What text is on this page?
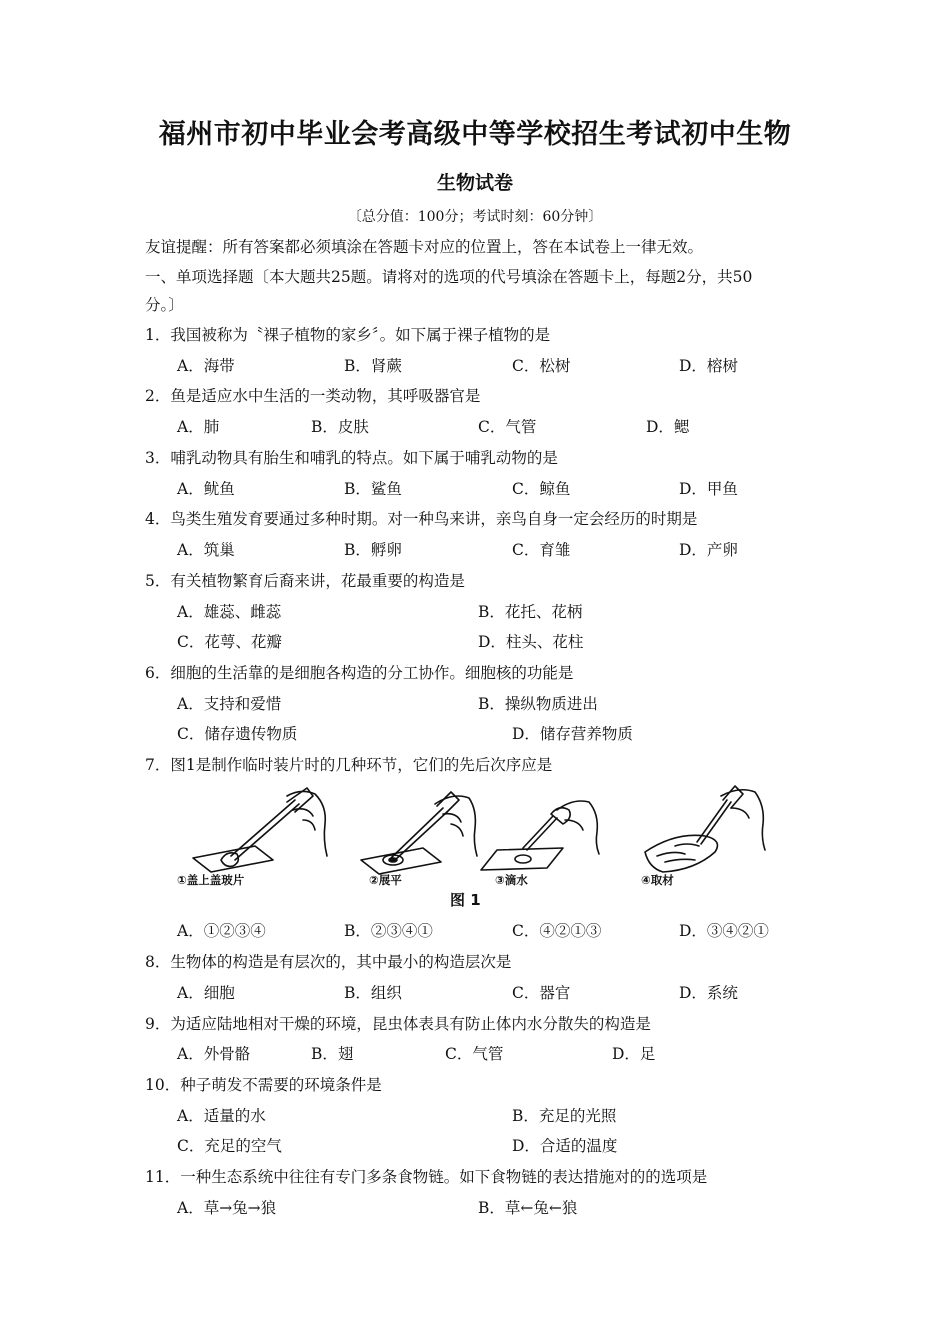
福州市初中毕业会考高级中等学校招生考试初中生物
生物试卷
〔总分值：100分；考试时刻：60分钟〕
友谊提醒：所有答案都必须填涂在答题卡对应的位置上，答在本试卷上一律无效。
一、单项选择题〔本大题共25题。请将对的选项的代号填涂在答题卡上，每题2分，共50
分。〕
1．我国被称为〝裸子植物的家乡〞。如下属于裸子植物的是
A．海带	B．肾蕨	C．松树	D．榕树
2．鱼是适应水中生活的一类动物，其呼吸器官是
A．肺	B．皮肤	C．气管	D．鳃
3．哺乳动物具有胎生和哺乳的特点。如下属于哺乳动物的是
A．鱿鱼	B．鲨鱼	C．鲸鱼	D．甲鱼
4．鸟类生殖发育要通过多种时期。对一种鸟来讲，亲鸟自身一定会经历的时期是
A．筑巢	B．孵卵	C．育雏	D．产卵
5．有关植物繁育后裔来讲，花最重要的构造是
A．雄蕊、雌蕊	B．花托、花柄
C．花萼、花瓣	D．柱头、花柱
6．细胞的生活靠的是细胞各构造的分工协作。细胞核的功能是
A．支持和爱惜	B．操纵物质进出
C．储存遗传物质	D．储存营养物质
7．图1是制作临时装片时的几种环节，它们的先后次序应是
①盖上盖玻片	②展平	③滴水	④取材
图 1
A．①②③④	B．②③④①	C．④②①③	D．③④②①
8．生物体的构造是有层次的，其中最小的构造层次是
A．细胞	B．组织	C．器官	D．系统
9．为适应陆地相对干燥的环境，昆虫体表具有防止体内水分散失的构造是
A．外骨骼	B．翅	C．气管	D．足
10．种子萌发不需要的环境条件是
A．适量的水	B．充足的光照
C．充足的空气	D．合适的温度
11．一种生态系统中往往有专门多条食物链。如下食物链的表达措施对的的选项是
A．草→兔→狼	B．草←兔←狼
